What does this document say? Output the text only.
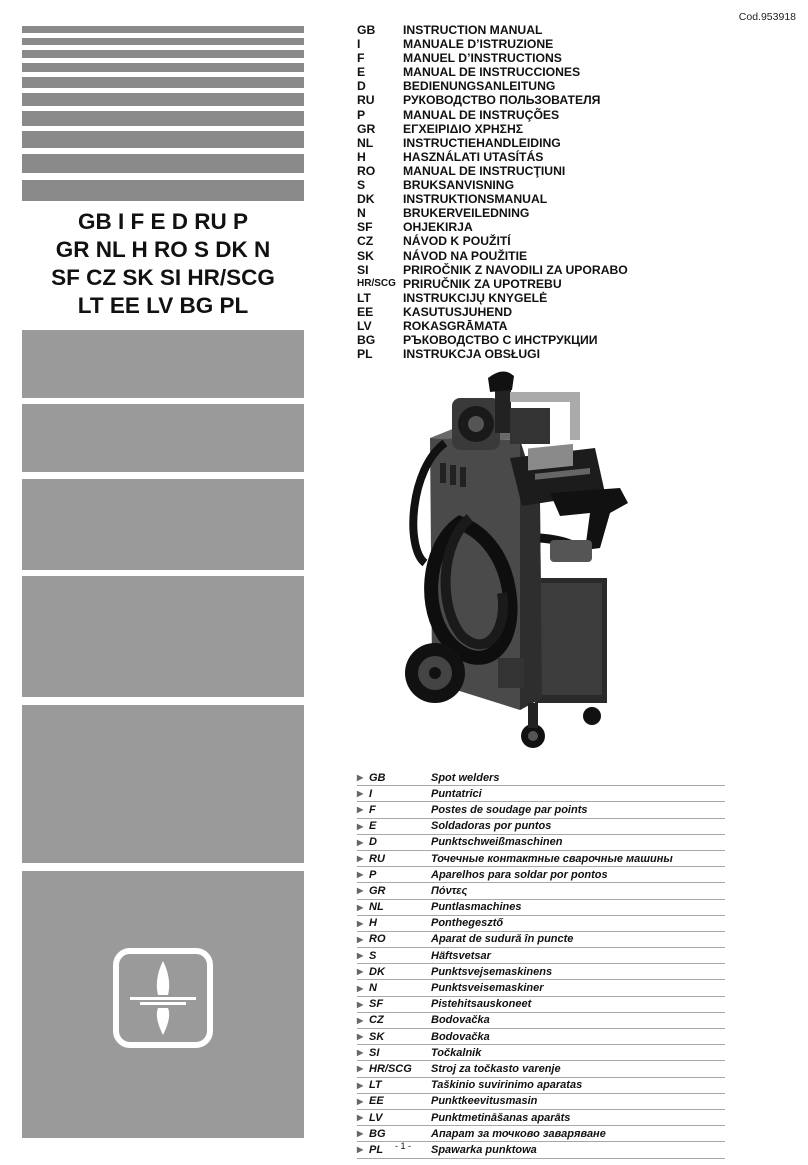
GB I F E D RU P
GR NL H RO S DK N
SF CZ SK SI HR/SCG
LT EE LV BG PL
Cod.953918
GB	INSTRUCTION MANUAL
I	MANUALE D’ISTRUZIONE
F	MANUEL D’INSTRUCTIONS
E	MANUAL DE INSTRUCCIONES
D	BEDIENUNGSANLEITUNG
RU	РУКОВОДСТВО ПОЛЬЗОВАТЕЛЯ
P	MANUAL DE INSTRUÇÕES
GR	ΕΓΧΕΙΡΙΔΙΟ ΧΡΗΣΗΣ
NL	INSTRUCTIEHANDLEIDING
H	HASZNÁLATI UTASÍTÁS
RO	MANUAL DE INSTRUCŢIUNI
S	BRUKSANVISNING
DK	INSTRUKTIONSMANUAL
N	BRUKERVEILEDNING
SF	OHJEKIRJA
CZ	NÁVOD K POUŽITÍ
SK	NÁVOD NA POUŽITIE
SI	PRIROČNIK Z NAVODILI ZA UPORABO
HR/SCG PRIRUČNIK ZA UPOTREBU
LT	INSTRUKCIJŲ KNYGELĖ
EE	KASUTUSJUHEND
LV	ROKASGRĀMATA
BG	РЪКОВОДСТВО С ИНСТРУКЦИИ
PL	INSTRUKCJA OBSŁUGI
▶ GB	Spot welders
▶ I	Puntatrici
▶ F	Postes de soudage par points
▶ E	Soldadoras por puntos
▶ D	Punktschweißmaschinen
▶ RU	Точечные контактные сварочные машины
▶ P	Aparelhos para soldar por pontos
▶ GR	Πόντες
▶ NL	Puntlasmachines
▶ H	Ponthegesztő
▶ RO	Aparat de sudură în puncte
▶ S	Häftsvetsar
▶ DK	Punktsvejsemaskinens
▶ N	Punktsveisemaskiner
▶ SF	Pistehitsauskoneet
▶ CZ	Bodovačka
▶ SK	Bodovačka
▶ SI	Točkalnik
▶ HR/SCG	Stroj za točkasto varenje
▶ LT	Taškinio suvirinimo aparatas
▶ EE	Punktkeevitusmasin
▶ LV	Punktmetināšanas aparāts
▶ BG	Апарат за точково заваряване
▶ PL	Spawarka punktowa
- 1 -
